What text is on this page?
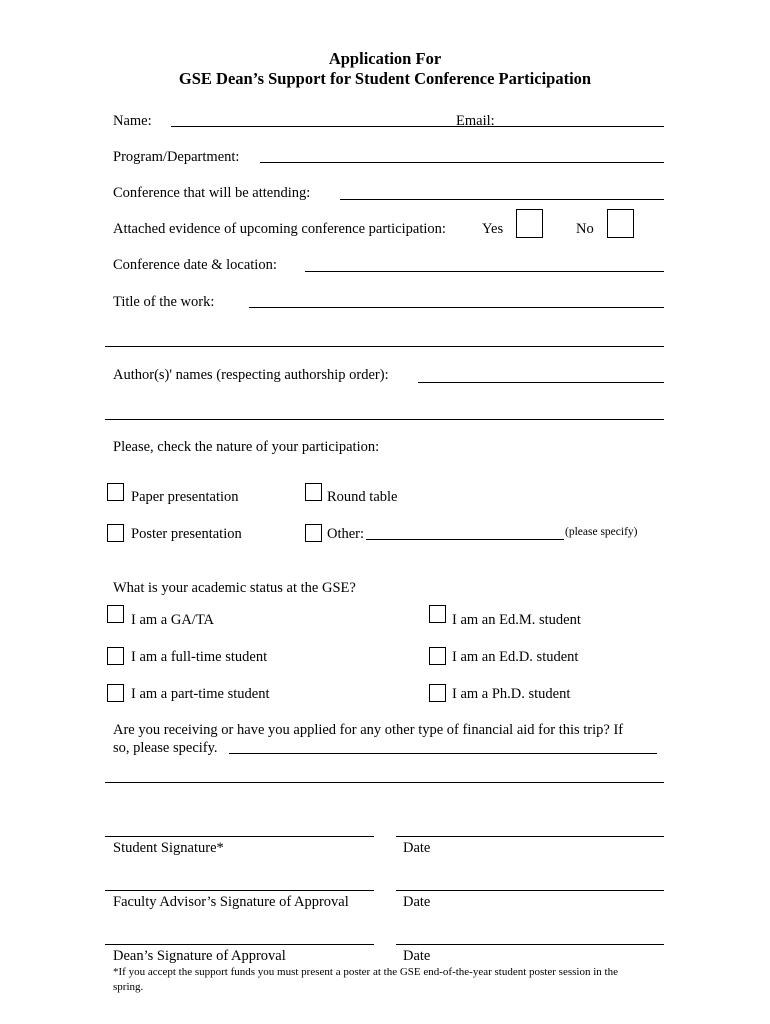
Application For
GSE Dean’s Support for Student Conference Participation
Name:	Email:
Program/Department:
Conference that will be attending:
Attached evidence of upcoming conference participation: Yes	No
Conference date & location:
Title of the work:
Author(s)' names (respecting authorship order):
Please, check the nature of your participation:
Paper presentation	Round table
Poster presentation	Other:	(please specify)
What is your academic status at the GSE?
I am a GA/TA	I am an Ed.M. student
I am a full-time student	I am an Ed.D. student
I am a part-time student	I am a Ph.D. student
Are you receiving or have you applied for any other type of financial aid for this trip? If
so, please specify.
Student Signature*	Date
Faculty Advisor’s Signature of Approval	Date
Dean’s Signature of Approval	Date
*If you accept the support funds you must present a poster at the GSE end-of-the-year student poster session in the spring.
